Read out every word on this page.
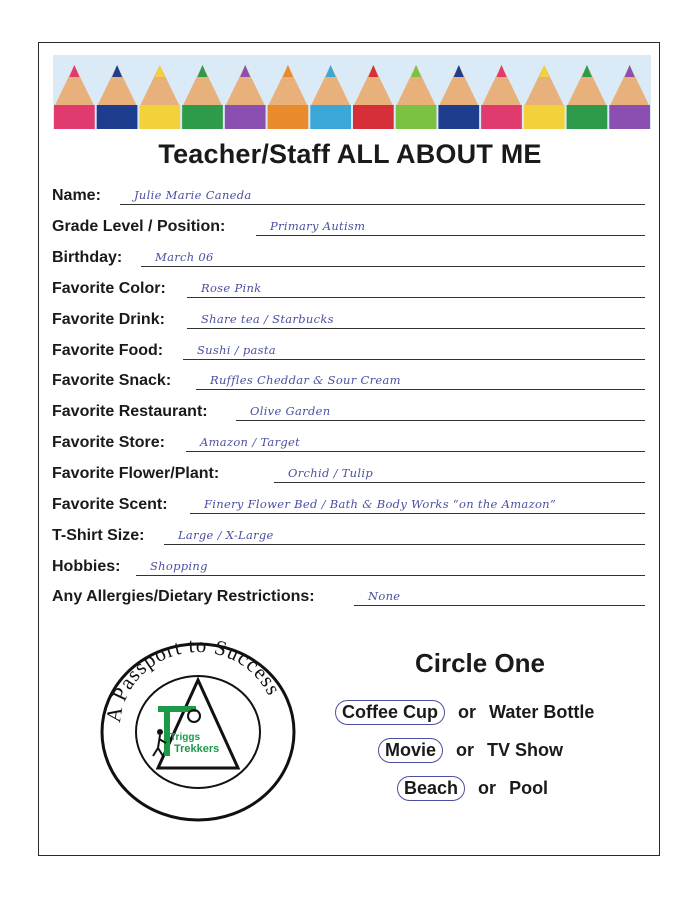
Teacher/Staff ALL ABOUT ME
Name:	Julie Marie Caneda
Grade Level / Position:	Primary Autism
Birthday:	March 06
Favorite Color:	Rose Pink
Favorite Drink:	Share tea / Starbucks
Favorite Food:	Sushi / pasta
Favorite Snack:	Ruffles Cheddar & Sour Cream
Favorite Restaurant:	Olive Garden
Favorite Store:	Amazon / Target
Favorite Flower/Plant:	Orchid / Tulip
Favorite Scent:	Finery Flower Bed / Bath & Body Works “on the Amazon”
T-Shirt Size:	Large / X-Large
Hobbies:	Shopping
Any Allergies/Dietary Restrictions:	None
A Passport to Success
Triggs
Trekkers
Circle One
Coffee Cup or Water Bottle
Movie or TV Show
Beach or Pool
